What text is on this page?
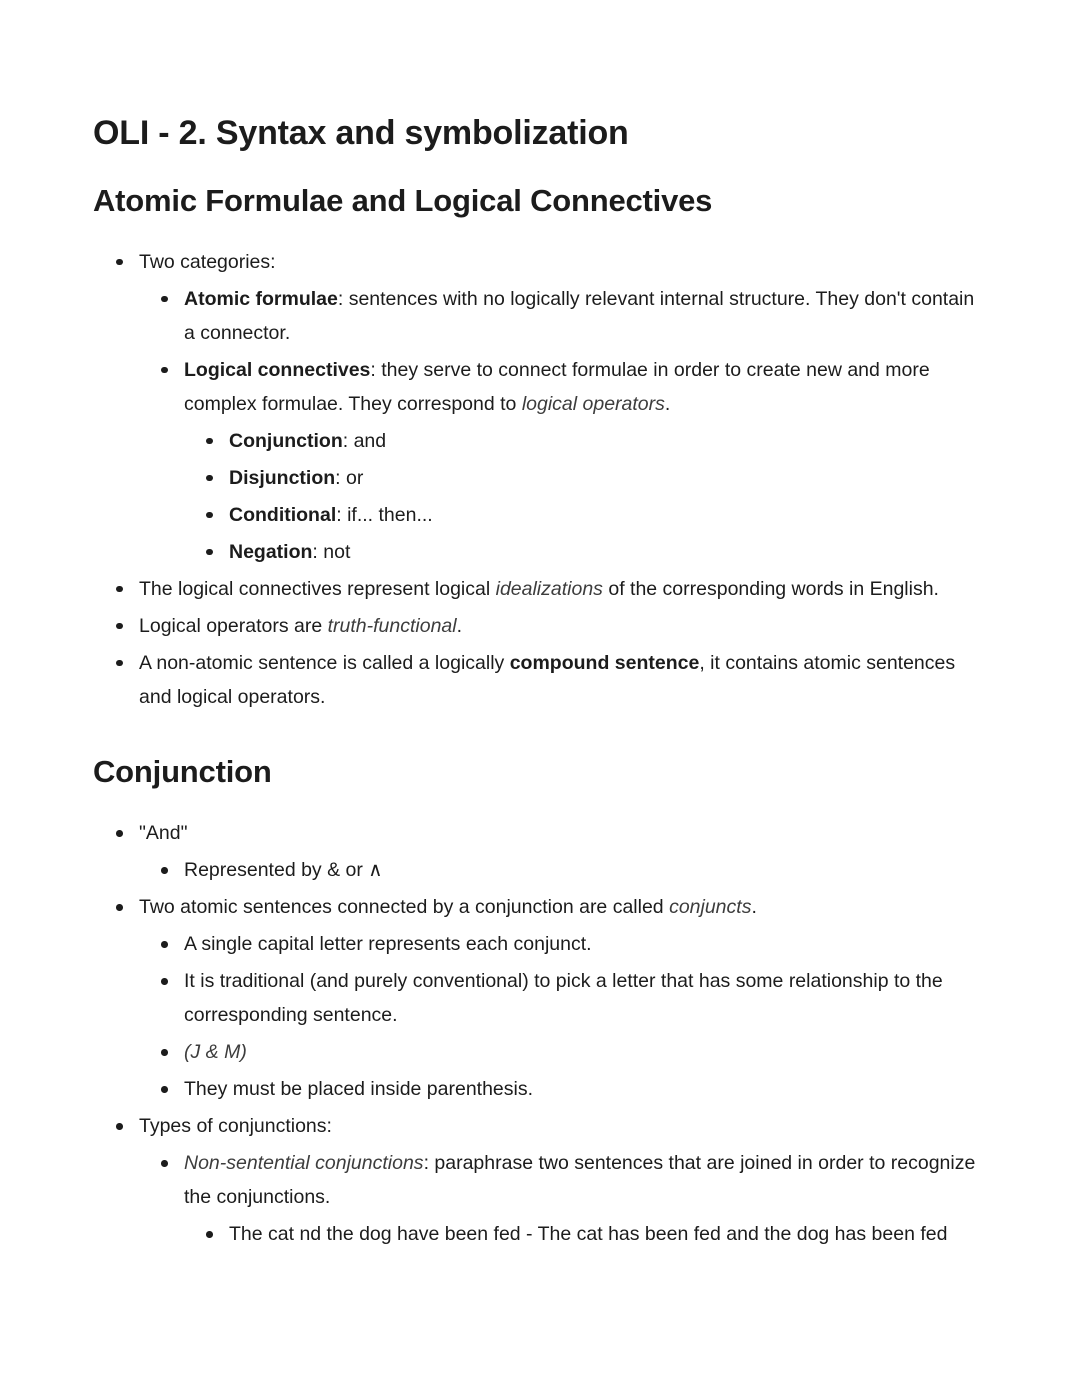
OLI - 2. Syntax and symbolization
Atomic Formulae and Logical Connectives
Two categories:
Atomic formulae: sentences with no logically relevant internal structure. They don't contain a connector.
Logical connectives: they serve to connect formulae in order to create new and more complex formulae. They correspond to logical operators.
Conjunction: and
Disjunction: or
Conditional: if... then...
Negation: not
The logical connectives represent logical idealizations of the corresponding words in English.
Logical operators are truth-functional.
A non-atomic sentence is called a logically compound sentence, it contains atomic sentences and logical operators.
Conjunction
"And"
Represented by & or ∧
Two atomic sentences connected by a conjunction are called conjuncts.
A single capital letter represents each conjunct.
It is traditional (and purely conventional) to pick a letter that has some relationship to the corresponding sentence.
(J & M)
They must be placed inside parenthesis.
Types of conjunctions:
Non-sentential conjunctions: paraphrase two sentences that are joined in order to recognize the conjunctions.
The cat nd the dog have been fed - The cat has been fed and the dog has been fed
